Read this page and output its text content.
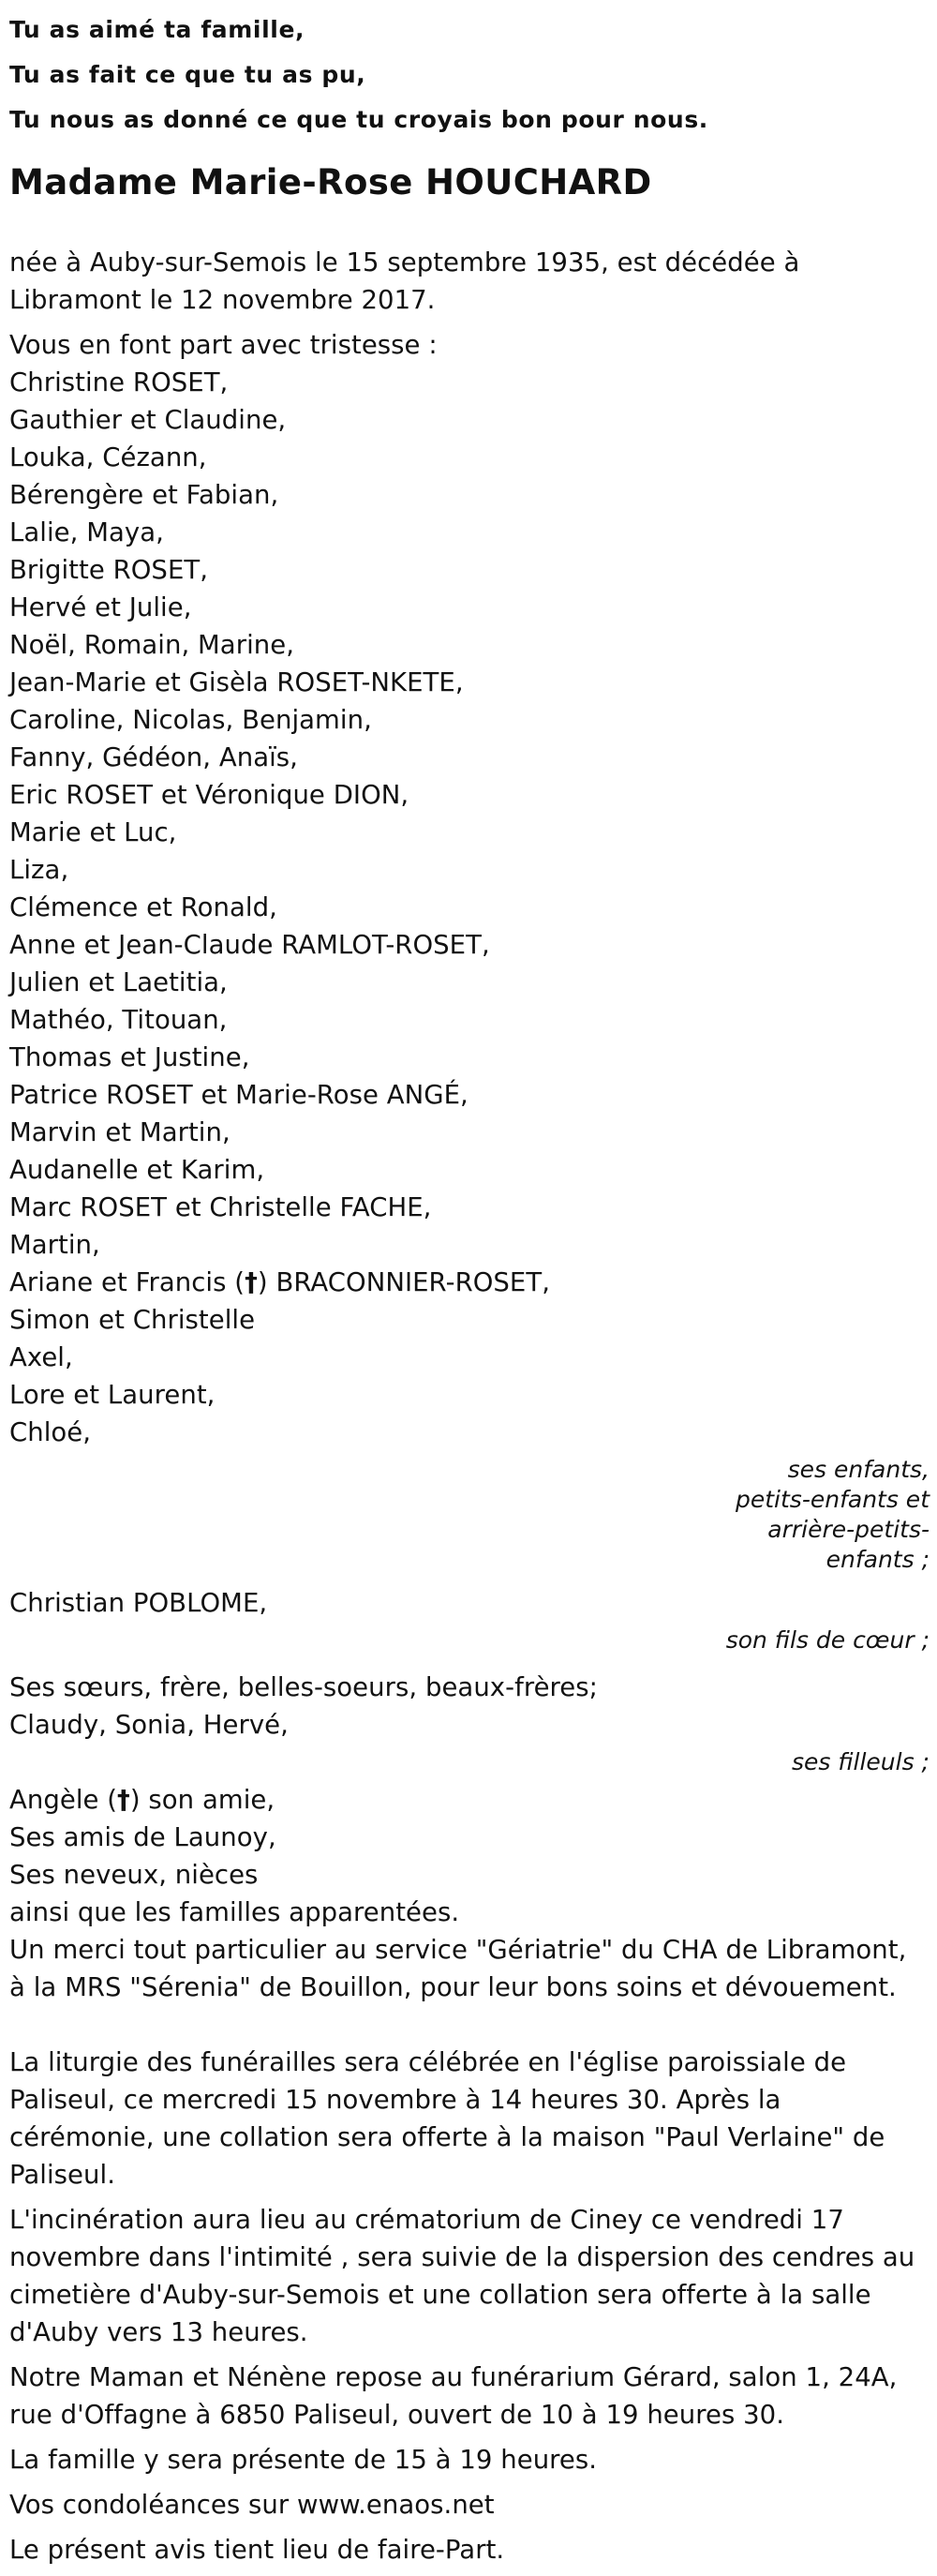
Tu as aimé ta famille,
Tu as fait ce que tu as pu,
Tu nous as donné ce que tu croyais bon pour nous.
Madame Marie-Rose HOUCHARD
née à Auby-sur-Semois le 15 septembre 1935, est décédée à Libramont le 12 novembre 2017.
Vous en font part avec tristesse :
Christine ROSET,
Gauthier et Claudine,
Louka, Cézann,
Bérengère et Fabian,
Lalie, Maya,
Brigitte ROSET,
Hervé et Julie,
Noël, Romain, Marine,
Jean-Marie et Gisèla ROSET-NKETE,
Caroline, Nicolas, Benjamin,
Fanny, Gédéon, Anaïs,
Eric ROSET et Véronique DION,
Marie et Luc,
Liza,
Clémence et Ronald,
Anne et Jean-Claude RAMLOT-ROSET,
Julien et Laetitia,
Mathéo, Titouan,
Thomas et Justine,
Patrice ROSET et Marie-Rose ANGÉ,
Marvin et Martin,
Audanelle et Karim,
Marc ROSET et Christelle FACHE,
Martin,
Ariane et Francis (†) BRACONNIER-ROSET,
Simon et Christelle
Axel,
Lore et Laurent,
Chloé,
ses enfants, petits-enfants et arrière-petits-enfants ;
Christian POBLOME,
son fils de cœur ;
Ses sœurs, frère, belles-soeurs, beaux-frères;
Claudy, Sonia, Hervé,
ses filleuls ;
Angèle (†) son amie,
Ses amis de Launoy,
Ses neveux, nièces
ainsi que les familles apparentées.
Un merci tout particulier au service "Gériatrie" du CHA de Libramont, à la MRS "Sérenia" de Bouillon, pour leur bons soins et dévouement.
La liturgie des funérailles sera célébrée en l'église paroissiale de Paliseul, ce mercredi 15 novembre à 14 heures 30. Après la cérémonie, une collation sera offerte à la maison "Paul Verlaine" de Paliseul.
L'incinération aura lieu au crématorium de Ciney ce vendredi 17 novembre dans l'intimité , sera suivie de la dispersion des cendres au cimetière d'Auby-sur-Semois et une collation sera offerte à la salle d'Auby vers 13 heures.
Notre Maman et Nénène repose au funérarium Gérard, salon 1, 24A, rue d'Offagne à 6850 Paliseul, ouvert de 10 à 19 heures 30.
La famille y sera présente de 15 à 19 heures.
Vos condoléances sur www.enaos.net
Le présent avis tient lieu de faire-Part.
